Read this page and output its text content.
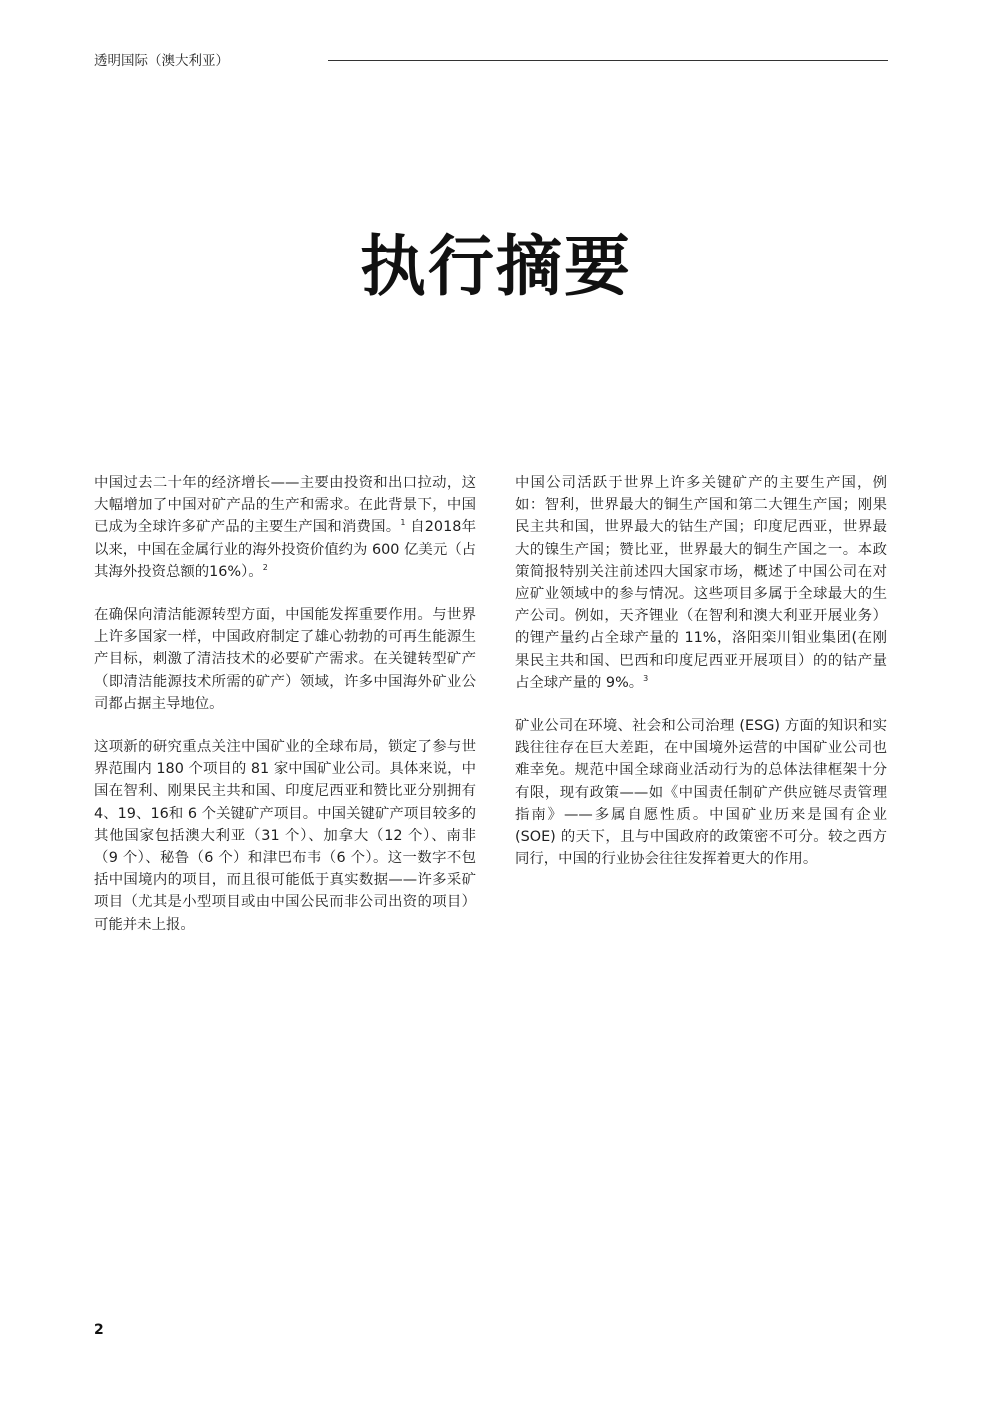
透明国际（澳大利亚）
执行摘要

中国过去二十年的经济增长——主要由投资和出口拉动，这大幅增加了中国对矿产品的生产和需求。在此背景下，中国已成为全球许多矿产品的主要生产国和消费国。$^1$ 自2018年以来，中国在金属行业的海外投资价值约为 600 亿美元（占其海外投资总额的16%）。$^2$

在确保向清洁能源转型方面，中国能发挥重要作用。与世界上许多国家一样，中国政府制定了雄心勃勃的可再生能源生产目标，刺激了清洁技术的必要矿产需求。在关键转型矿产（即清洁能源技术所需的矿产）领域，许多中国海外矿业公司都占据主导地位。

这项新的研究重点关注中国矿业的全球布局，锁定了参与世界范围内 180 个项目的 81 家中国矿业公司。具体来说，中国在智利、刚果民主共和国、印度尼西亚和赞比亚分别拥有 4、19、16和 6 个关键矿产项目。中国关键矿产项目较多的其他国家包括澳大利亚（31 个）、加拿大（12 个）、南非（9 个）、秘鲁（6 个）和津巴布韦（6 个）。这一数字不包括中国境内的项目，而且很可能低于真实数据——许多采矿项目（尤其是小型项目或由中国公民而非公司出资的项目）可能并未上报。

中国公司活跃于世界上许多关键矿产的主要生产国，例如：智利，世界最大的铜生产国和第二大锂生产国；刚果民主共和国，世界最大的钴生产国；印度尼西亚，世界最大的镍生产国；赞比亚，世界最大的铜生产国之一。本政策简报特别关注前述四大国家市场，概述了中国公司在对应矿业领域中的参与情况。这些项目多属于全球最大的生产公司。例如，天齐锂业（在智利和澳大利亚开展业务）的锂产量约占全球产量的 11%，洛阳栾川钼业集团(在刚果民主共和国、巴西和印度尼西亚开展项目）的的钴产量占全球产量的 9%。$^3$

矿业公司在环境、社会和公司治理 (ESG) 方面的知识和实践往往存在巨大差距，在中国境外运营的中国矿业公司也难幸免。规范中国全球商业活动行为的总体法律框架十分有限，现有政策——如《中国责任制矿产供应链尽责管理指南》——多属自愿性质。中国矿业历来是国有企业 (SOE) 的天下，且与中国政府的政策密不可分。较之西方同行，中国的行业协会往往发挥着更大的作用。

2
